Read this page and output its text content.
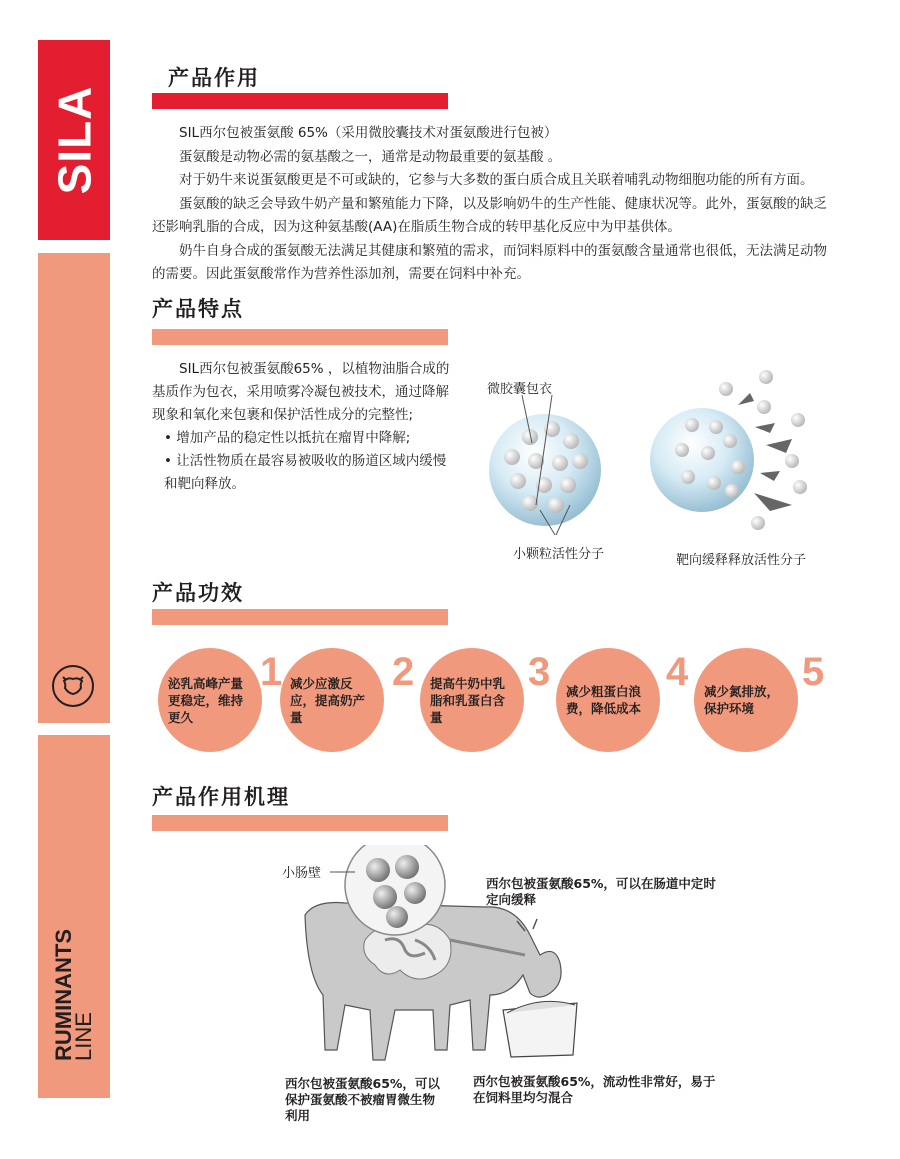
SILA
RUMINANTS
LINE
产品作用

SIL西尔包被蛋氨酸 65%（采用微胶囊技术对蛋氨酸进行包被）

蛋氨酸是动物必需的氨基酸之一，通常是动物最重要的氨基酸 。

对于奶牛来说蛋氨酸更是不可或缺的，它参与大多数的蛋白质合成且关联着哺乳动物细胞功能的所有方面。

蛋氨酸的缺乏会导致牛奶产量和繁殖能力下降，以及影响奶牛的生产性能、健康状况等。此外，蛋氨酸的缺乏还影响乳脂的合成，因为这种氨基酸(AA)在脂质生物合成的转甲基化反应中为甲基供体。

奶牛自身合成的蛋氨酸无法满足其健康和繁殖的需求，而饲料原料中的蛋氨酸含量通常也很低，无法满足动物的需要。因此蛋氨酸常作为营养性添加剂，需要在饲料中补充。

产品特点

SIL西尔包被蛋氨酸65% ，以植物油脂合成的基质作为包衣，采用喷雾冷凝包被技术，通过降解现象和氧化来包裹和保护活性成分的完整性;

• 增加产品的稳定性以抵抗在瘤胃中降解;

• 让活性物质在最容易被吸收的肠道区域内缓慢和靶向释放。

微胶囊包衣
小颗粒活性分子	靶向缓释释放活性分子
产品功效
泌乳高峰产量更稳定，维持更久
1 减少应激反应，提高奶产量
2 提高牛奶中乳脂和乳蛋白含量
3 减少粗蛋白浪费，降低成本
4 减少氮排放，保护环境
5
产品作用机理
小肠壁
西尔包被蛋氨酸65%，可以在肠道中定时定向缓释
西尔包被蛋氨酸65%，可以保护蛋氨酸不被瘤胃微生物利用
西尔包被蛋氨酸65%，流动性非常好，易于在饲料里均匀混合
